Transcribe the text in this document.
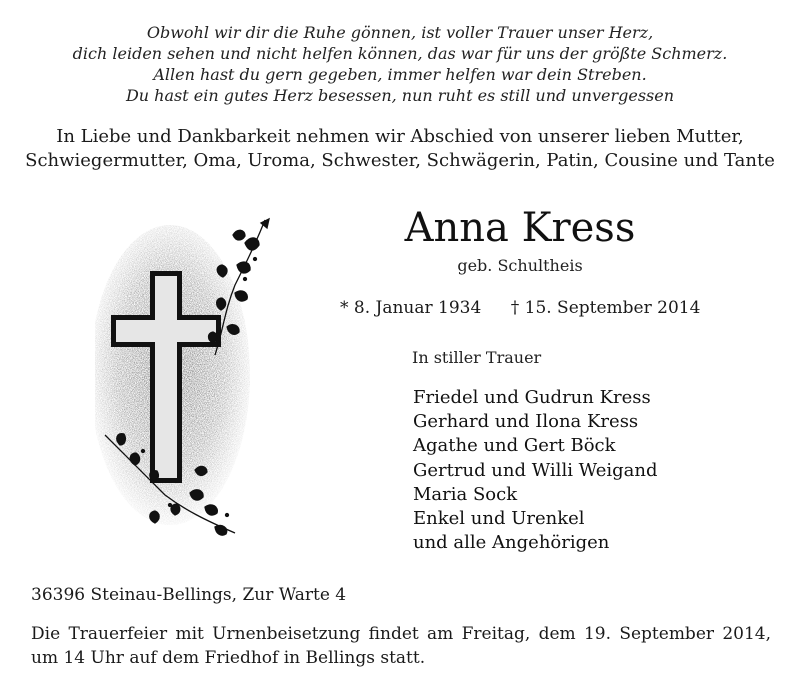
Obwohl wir dir die Ruhe gönnen, ist voller Trauer unser Herz,
dich leiden sehen und nicht helfen können, das war für uns der größte Schmerz.
Allen hast du gern gegeben, immer helfen war dein Streben.
Du hast ein gutes Herz besessen, nun ruht es still und unvergessen
In Liebe und Dankbarkeit nehmen wir Abschied von unserer lieben Mutter,
Schwiegermutter, Oma, Uroma, Schwester, Schwägerin, Patin, Cousine und Tante
Anna Kress
geb. Schultheis
* 8. Januar 1934 † 15. September 2014
In stiller Trauer
Friedel und Gudrun Kress
Gerhard und Ilona Kress
Agathe und Gert Böck
Gertrud und Willi Weigand
Maria Sock
Enkel und Urenkel
und alle Angehörigen
36396 Steinau-Bellings, Zur Warte 4
Die Trauerfeier mit Urnenbeisetzung findet am Freitag, dem 19. September 2014, um 14 Uhr auf dem Friedhof in Bellings statt.
